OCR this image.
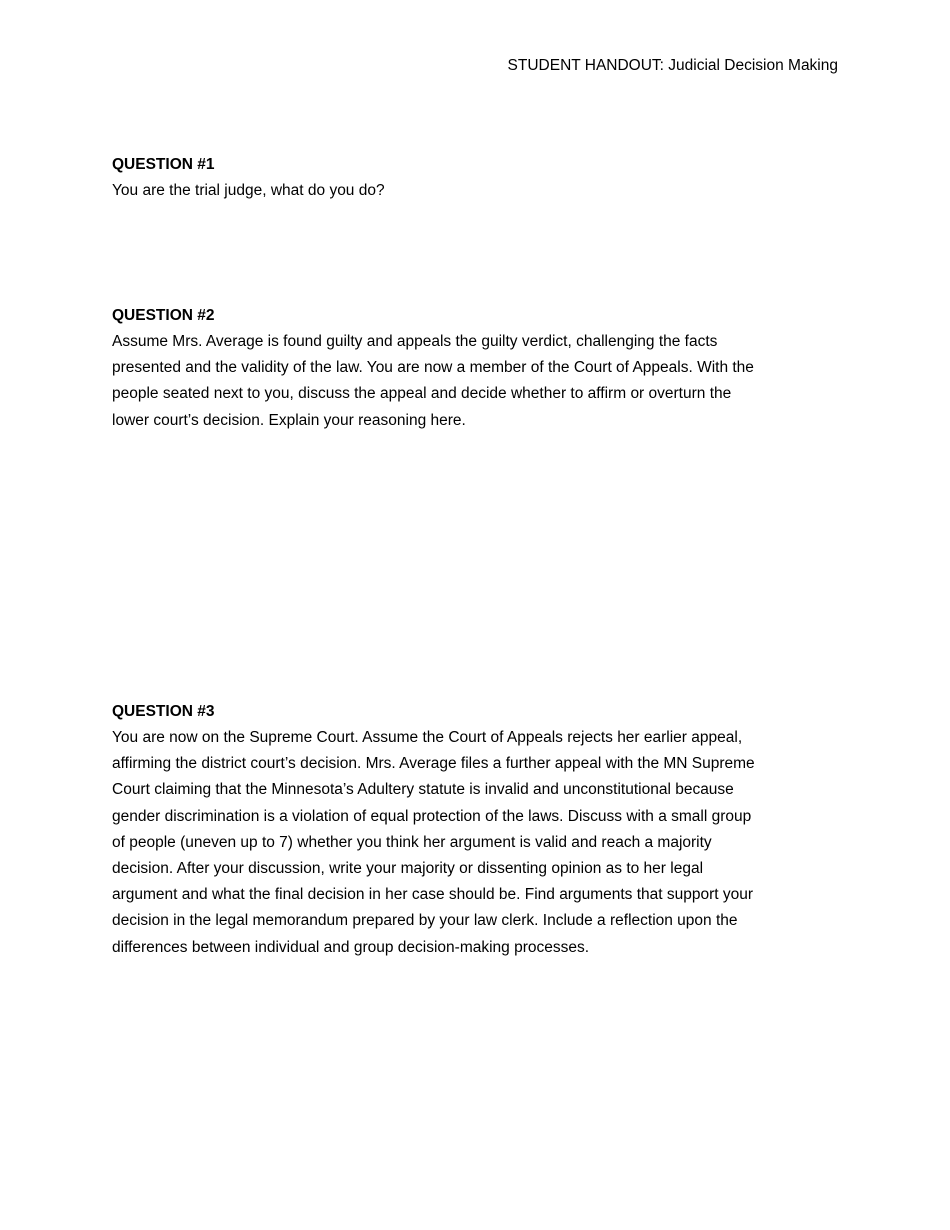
STUDENT HANDOUT: Judicial Decision Making

QUESTION #1

You are the trial judge, what do you do?

QUESTION #2

Assume Mrs. Average is found guilty and appeals the guilty verdict, challenging the facts
presented and the validity of the law. You are now a member of the Court of Appeals. With the
people seated next to you, discuss the appeal and decide whether to affirm or overturn the
lower court’s decision. Explain your reasoning here.

QUESTION #3

You are now on the Supreme Court. Assume the Court of Appeals rejects her earlier appeal,
affirming the district court’s decision. Mrs. Average files a further appeal with the MN Supreme
Court claiming that the Minnesota’s Adultery statute is invalid and unconstitutional because
gender discrimination is a violation of equal protection of the laws. Discuss with a small group
of people (uneven up to 7) whether you think her argument is valid and reach a majority
decision. After your discussion, write your majority or dissenting opinion as to her legal
argument and what the final decision in her case should be. Find arguments that support your
decision in the legal memorandum prepared by your law clerk. Include a reflection upon the
differences between individual and group decision-making processes.
